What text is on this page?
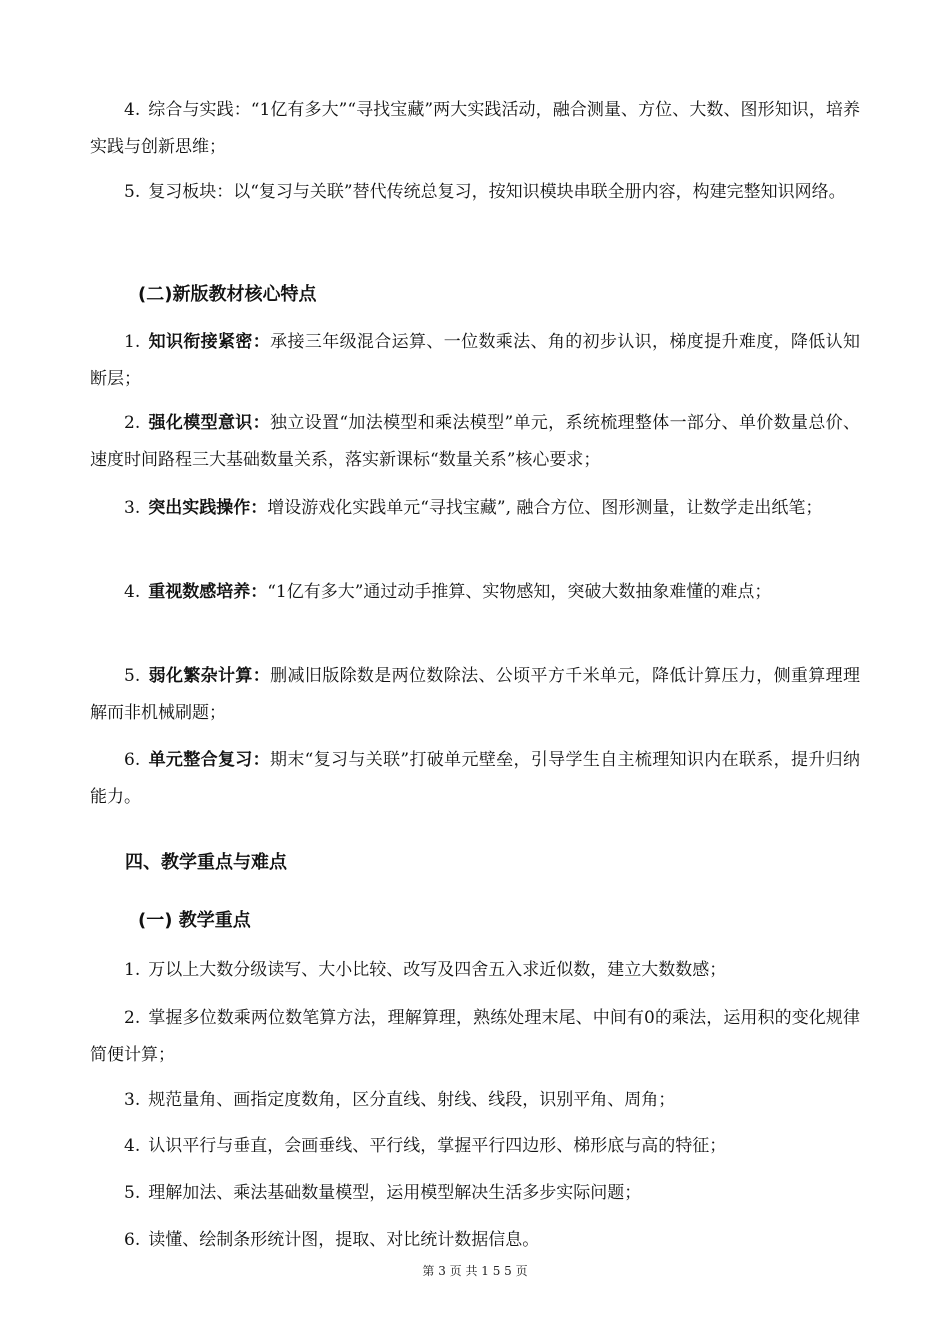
4. 综合与实践：“1亿有多大”“寻找宝藏”两大实践活动，融合测量、方位、大数、图形知识，培养实践与创新思维；

5. 复习板块：以“复习与关联”替代传统总复习，按知识模块串联全册内容，构建完整知识网络。

(二)新版教材核心特点

1. 知识衔接紧密：承接三年级混合运算、一位数乘法、角的初步认识，梯度提升难度，降低认知断层；

2. 强化模型意识：独立设置“加法模型和乘法模型”单元，系统梳理整体一部分、单价数量总价、速度时间路程三大基础数量关系，落实新课标“数量关系”核心要求；

3. 突出实践操作：增设游戏化实践单元“寻找宝藏”, 融合方位、图形测量，让数学走出纸笔；

4. 重视数感培养：“1亿有多大”通过动手推算、实物感知，突破大数抽象难懂的难点；

5. 弱化繁杂计算：删减旧版除数是两位数除法、公顷平方千米单元，降低计算压力，侧重算理理解而非机械刷题；

6. 单元整合复习：期末“复习与关联”打破单元壁垒，引导学生自主梳理知识内在联系，提升归纳能力。

四、教学重点与难点
(一) 教学重点

1. 万以上大数分级读写、大小比较、改写及四舍五入求近似数，建立大数数感；

2. 掌握多位数乘两位数笔算方法，理解算理，熟练处理末尾、中间有0的乘法，运用积的变化规律简便计算；

3. 规范量角、画指定度数角，区分直线、射线、线段，识别平角、周角；

4. 认识平行与垂直，会画垂线、平行线，掌握平行四边形、梯形底与高的特征；

5. 理解加法、乘法基础数量模型，运用模型解决生活多步实际问题；

6. 读懂、绘制条形统计图，提取、对比统计数据信息。

第 3 页 共 1 5 5 页
